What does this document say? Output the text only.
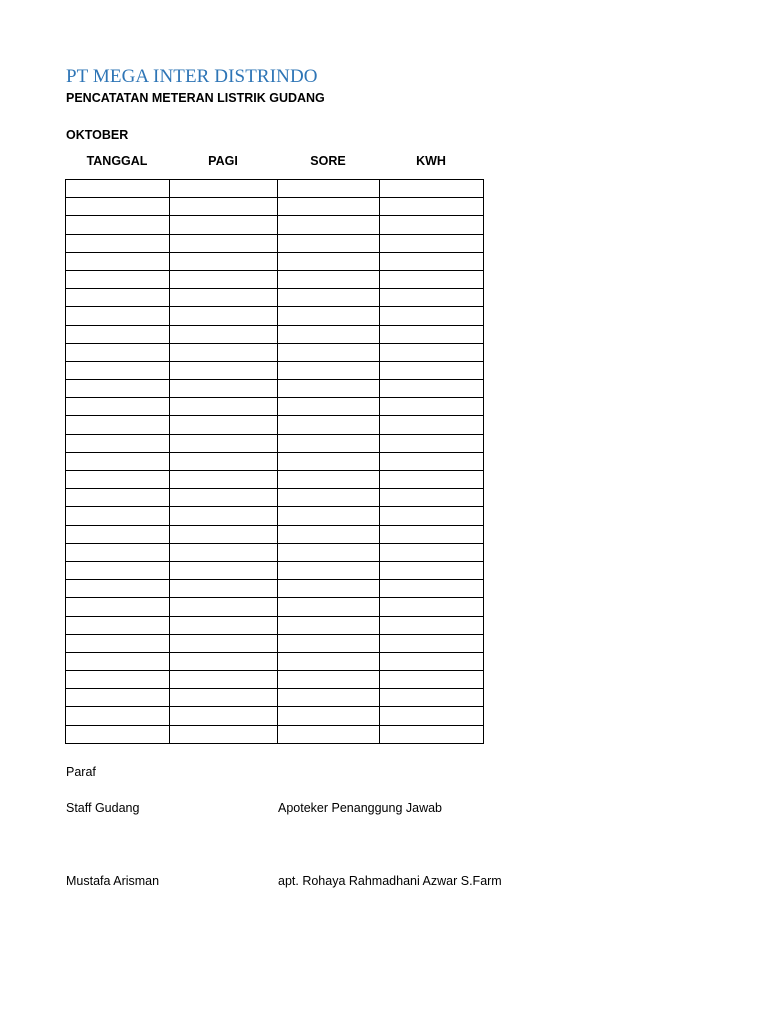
PT MEGA INTER DISTRINDO
PENCATATAN METERAN LISTRIK GUDANG
OKTOBER
TANGGAL	PAGI	SORE	KWH

Paraf
Staff Gudang	Apoteker Penanggung Jawab
Mustafa Arisman	apt. Rohaya Rahmadhani Azwar S.Farm
